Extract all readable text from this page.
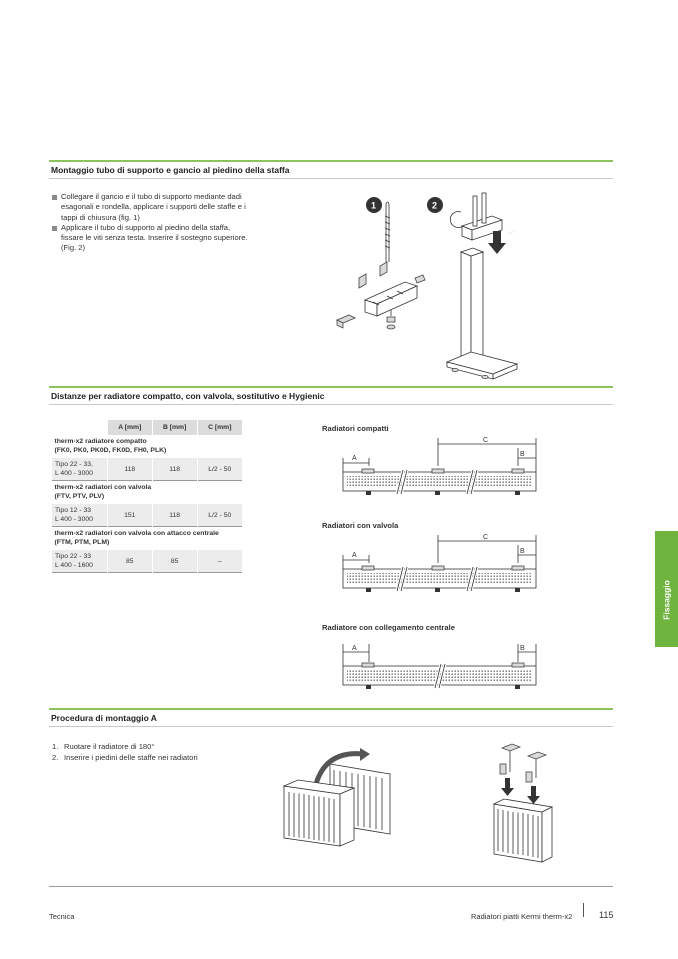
Montaggio tubo di supporto e gancio al piedino della staffa
Collegare il gancio e il tubo di supporto mediante dadi esagonali e rondella, applicare i supporti delle staffe e i tappi di chiusura (fig. 1)
Applicare il tubo di supporto al piedino della staffa, fissare le viti senza testa. Inserire il sostegno superiore. (Fig. 2)
1	2
Distanze per radiatore compatto, con valvola, sostitutivo e Hygienic
	A [mm]	B [mm]	C [mm]
therm-x2 radiatore compatto
(FK0, PK0, PK0D, FK0D, FH0, PLK)			
Tipo 22 - 33,
L 400 - 3000	118	118	L/2 - 50
therm-x2 radiatori con valvola
(FTV, PTV, PLV)			
Tipo 12 - 33
L 400 - 3000	151	118	L/2 - 50
therm-x2 radiatori con valvola con attacco centrale
(FTM, PTM, PLM)			
Tipo 22 - 33
L 400 - 1600	85	85	–
Radiatori compatti
A
B
C
Radiatori con valvola
A
B
C
Radiatore con collegamento centrale
A	B
Fissaggio
Procedura di montaggio A
1. Ruotare il radiatore di 180°
2. Inserire i piedini delle staffe nei radiatori
Tecnica	Radiatori piatti Kermi therm-x2	115
